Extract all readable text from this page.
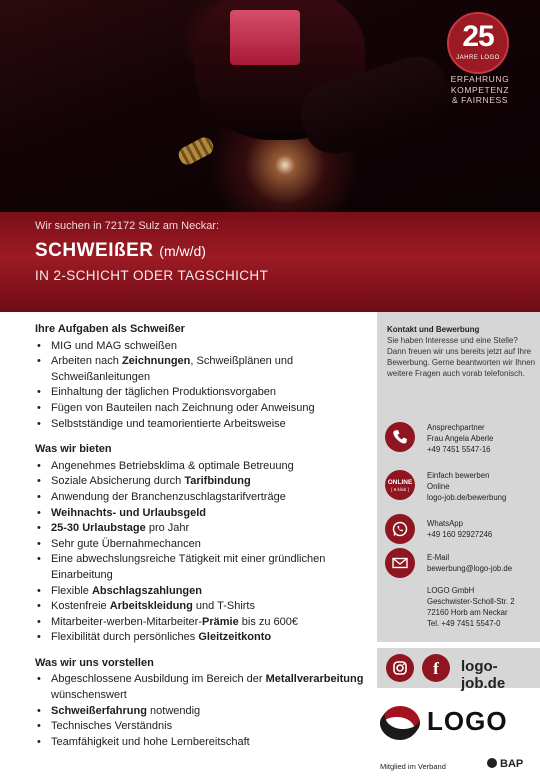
25
JAHRE LOGO
ERFAHRUNG
KOMPETENZ
& FAIRNESS
Wir suchen in 72172 Sulz am Neckar:
SCHWEIßER (m/w/d)
IN 2-SCHICHT ODER TAGSCHICHT
Ihre Aufgaben als Schweißer
• MIG und MAG schweißen
• Arbeiten nach Zeichnungen, Schweißplänen und Schweißanleitungen
• Einhaltung der täglichen Produktionsvorgaben
• Fügen von Bauteilen nach Zeichnung oder Anweisung
• Selbstständige und teamorientierte Arbeitsweise
Was wir bieten
• Angenehmes Betriebsklima & optimale Betreuung
• Soziale Absicherung durch Tarifbindung
• Anwendung der Branchenzuschlagstarifverträge
• Weihnachts- und Urlaubsgeld
• 25-30 Urlaubstage pro Jahr
• Sehr gute Übernahmechancen
• Eine abwechslungsreiche Tätigkeit mit einer gründlichen Einarbeitung
• Flexible Abschlagszahlungen
• Kostenfreie Arbeitskleidung und T-Shirts
• Mitarbeiter-werben-Mitarbeiter-Prämie bis zu 600€
• Flexibilität durch persönliches Gleitzeitkonto
Was wir uns vorstellen
• Abgeschlossene Ausbildung im Bereich der Metallverarbeitung wünschenswert
• Schweißerfahrung notwendig
• Technisches Verständnis
• Teamfähigkeit und hohe Lernbereitschaft
Kontakt und Bewerbung
Sie haben Interesse und eine Stelle? Dann freuen wir uns bereits jetzt auf Ihre Bewerbung. Gerne beantworten wir Ihnen weitere Fragen auch vorab telefonisch.
Ansprechpartner
Frau Angela Aberle
+49 7451 5547-16
ONLINE
[ 6 klick ]
Einfach bewerben
Online
logo-job.de/bewerbung
WhatsApp
+49 160 92927246
E-Mail
bewerbung@logo-job.de
LOGO GmbH
Geschwister-Scholl-Str. 2
72160 Horb am Neckar
Tel. +49 7451 5547-0
f	logo-job.de
LOGO
Mitglied im Verband	BAP
